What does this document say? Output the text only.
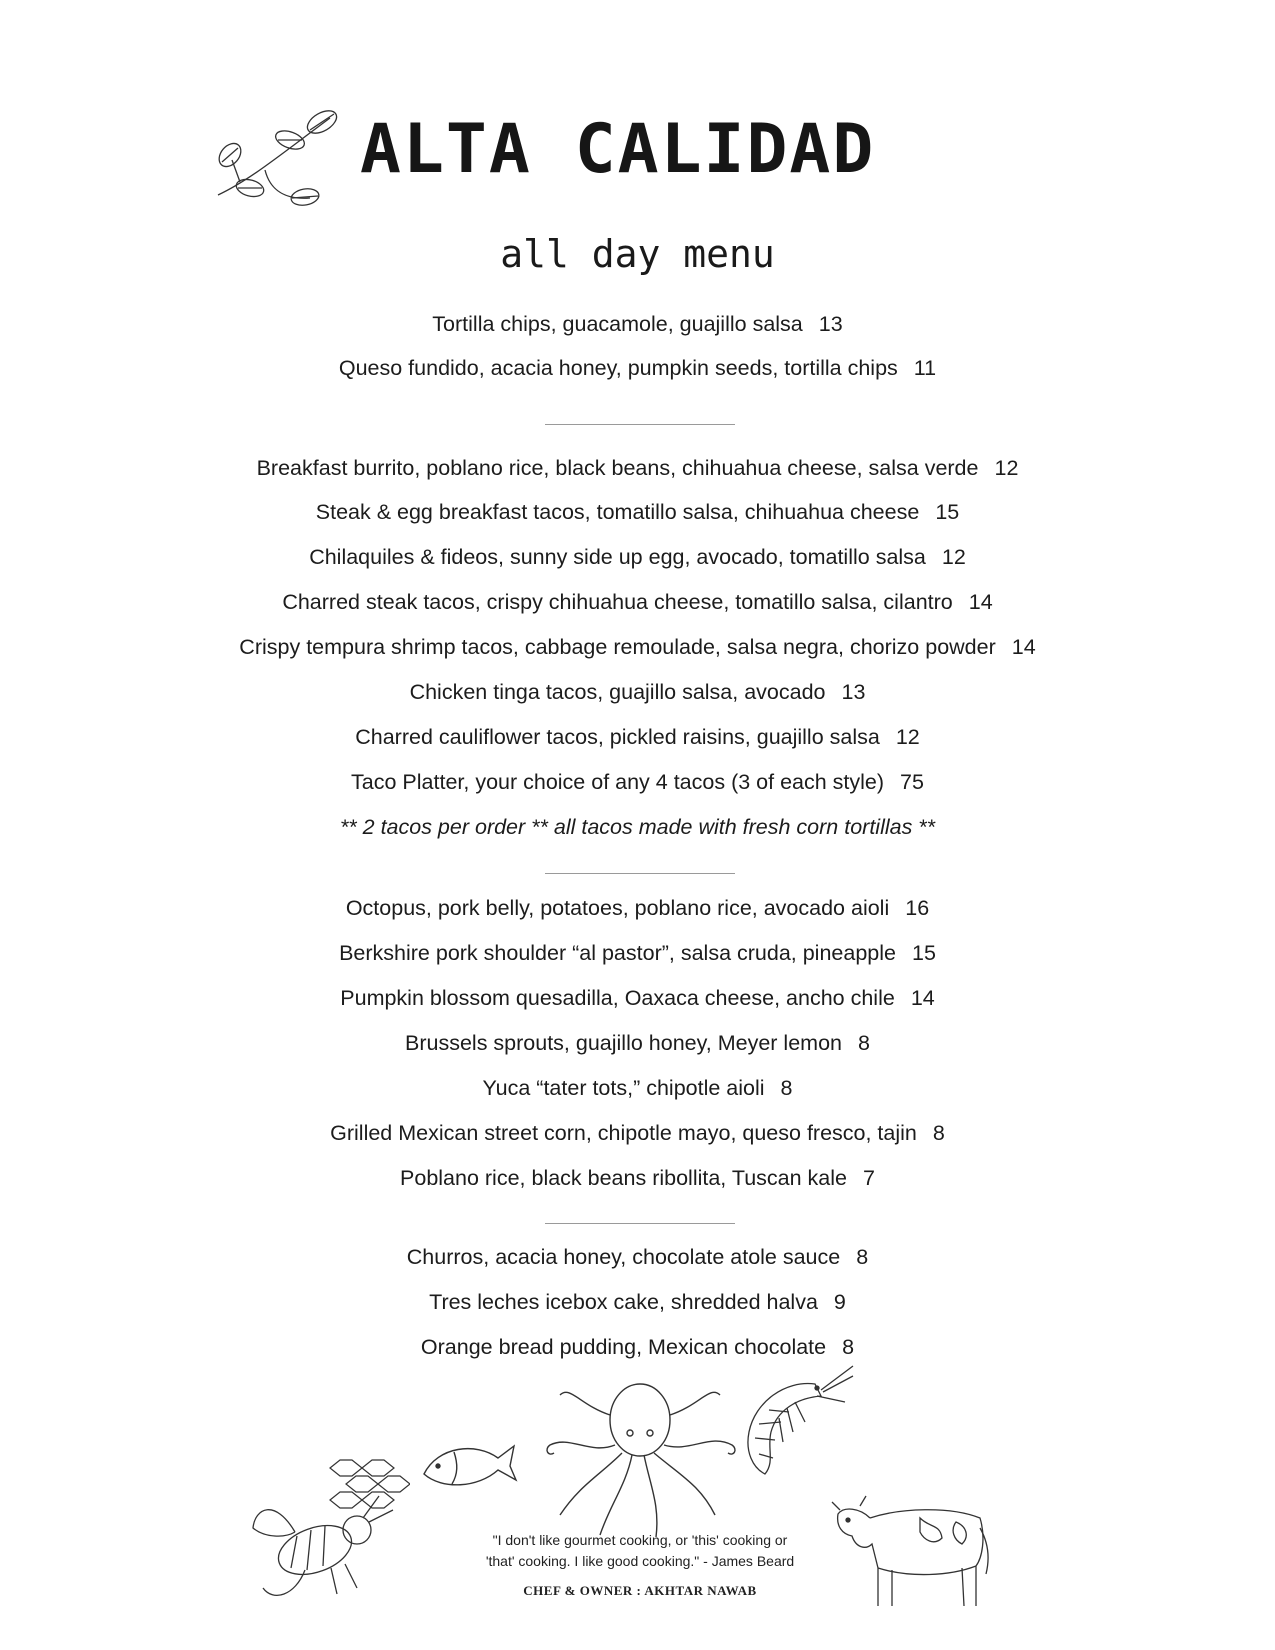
ALTA CALIDAD
all day menu
Tortilla chips, guacamole, guajillo salsa 13
Queso fundido, acacia honey, pumpkin seeds, tortilla chips 11
Breakfast burrito, poblano rice, black beans, chihuahua cheese, salsa verde 12
Steak & egg breakfast tacos, tomatillo salsa, chihuahua cheese 15
Chilaquiles & fideos, sunny side up egg, avocado, tomatillo salsa 12
Charred steak tacos, crispy chihuahua cheese, tomatillo salsa, cilantro 14
Crispy tempura shrimp tacos, cabbage remoulade, salsa negra, chorizo powder 14
Chicken tinga tacos, guajillo salsa, avocado 13
Charred cauliflower tacos, pickled raisins, guajillo salsa 12
Taco Platter, your choice of any 4 tacos (3 of each style) 75
** 2 tacos per order ** all tacos made with fresh corn tortillas **
Octopus, pork belly, potatoes, poblano rice, avocado aioli 16
Berkshire pork shoulder “al pastor”, salsa cruda, pineapple 15
Pumpkin blossom quesadilla, Oaxaca cheese, ancho chile 14
Brussels sprouts, guajillo honey, Meyer lemon 8
Yuca “tater tots,” chipotle aioli 8
Grilled Mexican street corn, chipotle mayo, queso fresco, tajin 8
Poblano rice, black beans ribollita, Tuscan kale 7
Churros, acacia honey, chocolate atole sauce 8
Tres leches icebox cake, shredded halva 9
Orange bread pudding, Mexican chocolate 8
"I don't like gourmet cooking, or 'this' cooking or
'that' cooking. I like good cooking." - James Beard
CHEF & OWNER : AKHTAR NAWAB
